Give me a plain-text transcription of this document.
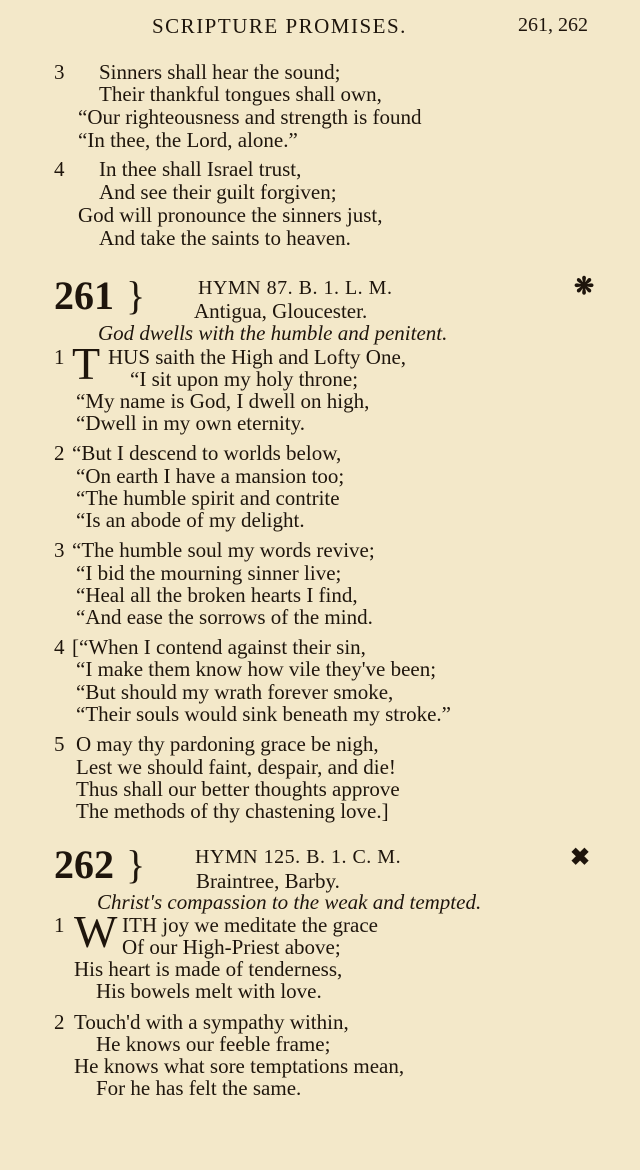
SCRIPTURE PROMISES.	261, 262
3 Sinners shall hear the sound;
Their thankful tongues shall own,
“Our righteousness and strength is found
“In thee, the Lord, alone.”
4 In thee shall Israel trust,
And see their guilt forgiven;
God will pronounce the sinners just,
And take the saints to heaven.
261 }	HYMN 87. B. 1. L. M.	❋
Antigua, Gloucester.
God dwells with the humble and penitent.
1 T HUS saith the High and Lofty One,
“I sit upon my holy throne;
“My name is God, I dwell on high,
“Dwell in my own eternity.
2 “But I descend to worlds below,
“On earth I have a mansion too;
“The humble spirit and contrite
“Is an abode of my delight.
3 “The humble soul my words revive;
“I bid the mourning sinner live;
“Heal all the broken hearts I find,
“And ease the sorrows of the mind.
4 [“When I contend against their sin,
“I make them know how vile they've been;
“But should my wrath forever smoke,
“Their souls would sink beneath my stroke.”
5 O may thy pardoning grace be nigh,
Lest we should faint, despair, and die!
Thus shall our better thoughts approve
The methods of thy chastening love.]
262 } HYMN 125. B. 1. C. M.	✖
Braintree, Barby.
Christ's compassion to the weak and tempted.
1 W ITH joy we meditate the grace
Of our High-Priest above;
His heart is made of tenderness,
His bowels melt with love.
2 Touch'd with a sympathy within,
He knows our feeble frame;
He knows what sore temptations mean,
For he has felt the same.
